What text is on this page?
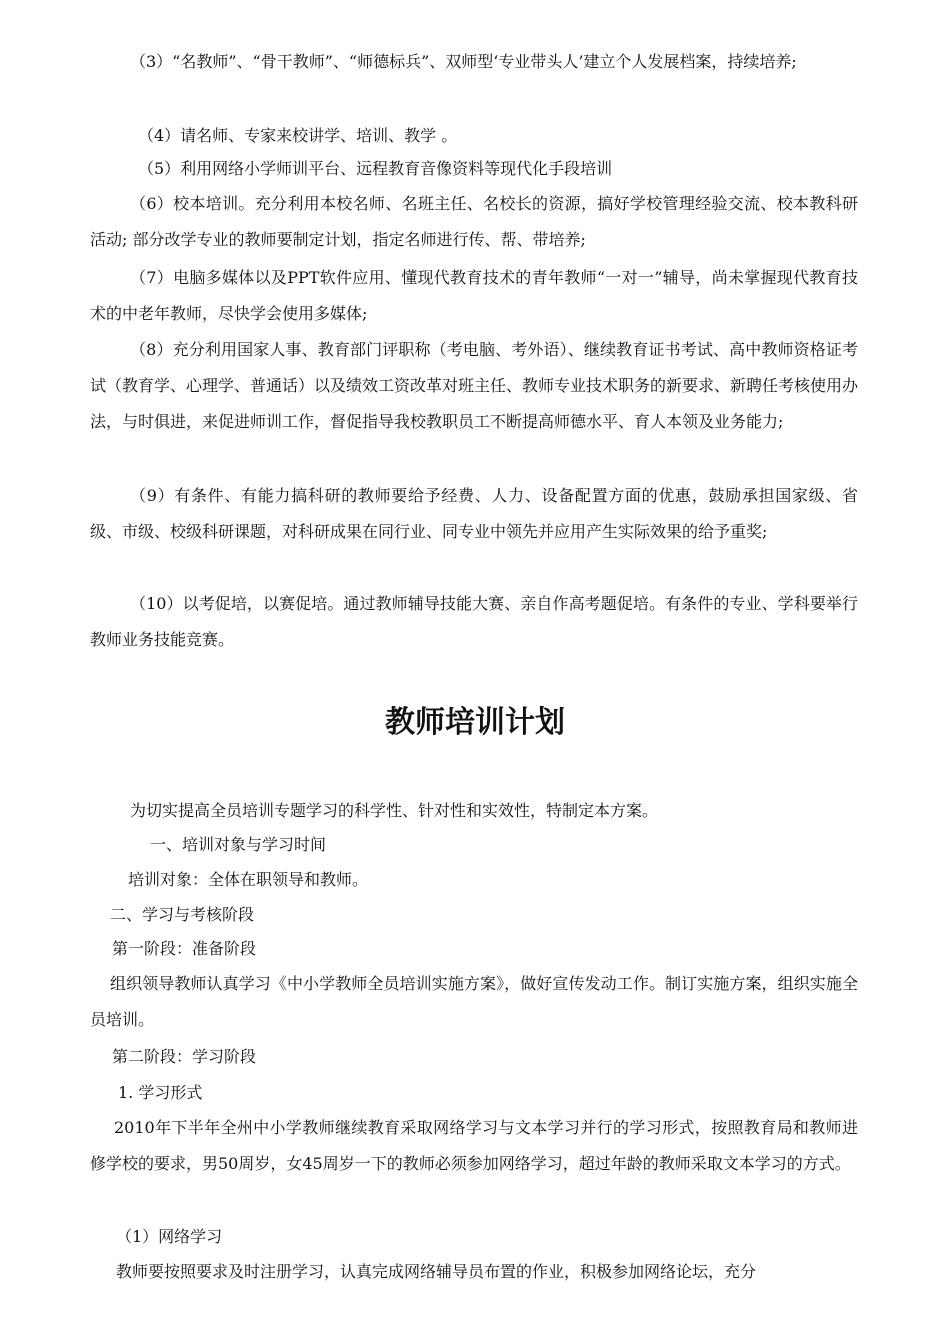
（3）“名教师”、“骨干教师”、“师德标兵”、双师型‘专业带头人’建立个人发展档案，持续培养;

（4）请名师、专家来校讲学、培训、教学 。

（5）利用网络小学师训平台、远程教育音像资料等现代化手段培训

（6）校本培训。充分利用本校名师、名班主任、名校长的资源，搞好学校管理经验交流、校本教科研活动; 部分改学专业的教师要制定计划，指定名师进行传、帮、带培养;

（7）电脑多媒体以及PPT软件应用、懂现代教育技术的青年教师“一对一”辅导，尚未掌握现代教育技术的中老年教师，尽快学会使用多媒体;

（8）充分利用国家人事、教育部门评职称（考电脑、考外语）、继续教育证书考试、高中教师资格证考试（教育学、心理学、普通话）以及绩效工资改革对班主任、教师专业技术职务的新要求、新聘任考核使用办法，与时俱进，来促进师训工作，督促指导我校教职员工不断提高师德水平、育人本领及业务能力;

（9）有条件、有能力搞科研的教师要给予经费、人力、设备配置方面的优惠，鼓励承担国家级、省级、市级、校级科研课题，对科研成果在同行业、同专业中领先并应用产生实际效果的给予重奖;

（10）以考促培，以赛促培。通过教师辅导技能大赛、亲自作高考题促培。有条件的专业、学科要举行教师业务技能竞赛。

教师培训计划

为切实提高全员培训专题学习的科学性、针对性和实效性，特制定本方案。

一、培训对象与学习时间

培训对象：全体在职领导和教师。

二、学习与考核阶段

第一阶段：准备阶段

组织领导教师认真学习《中小学教师全员培训实施方案》，做好宣传发动工作。制订实施方案，组织实施全员培训。

第二阶段：学习阶段

1. 学习形式

2010年下半年全州中小学教师继续教育采取网络学习与文本学习并行的学习形式，按照教育局和教师进修学校的要求，男50周岁，女45周岁一下的教师必须参加网络学习，超过年龄的教师采取文本学习的方式。

（1）网络学习

教师要按照要求及时注册学习，认真完成网络辅导员布置的作业，积极参加网络论坛，充分
